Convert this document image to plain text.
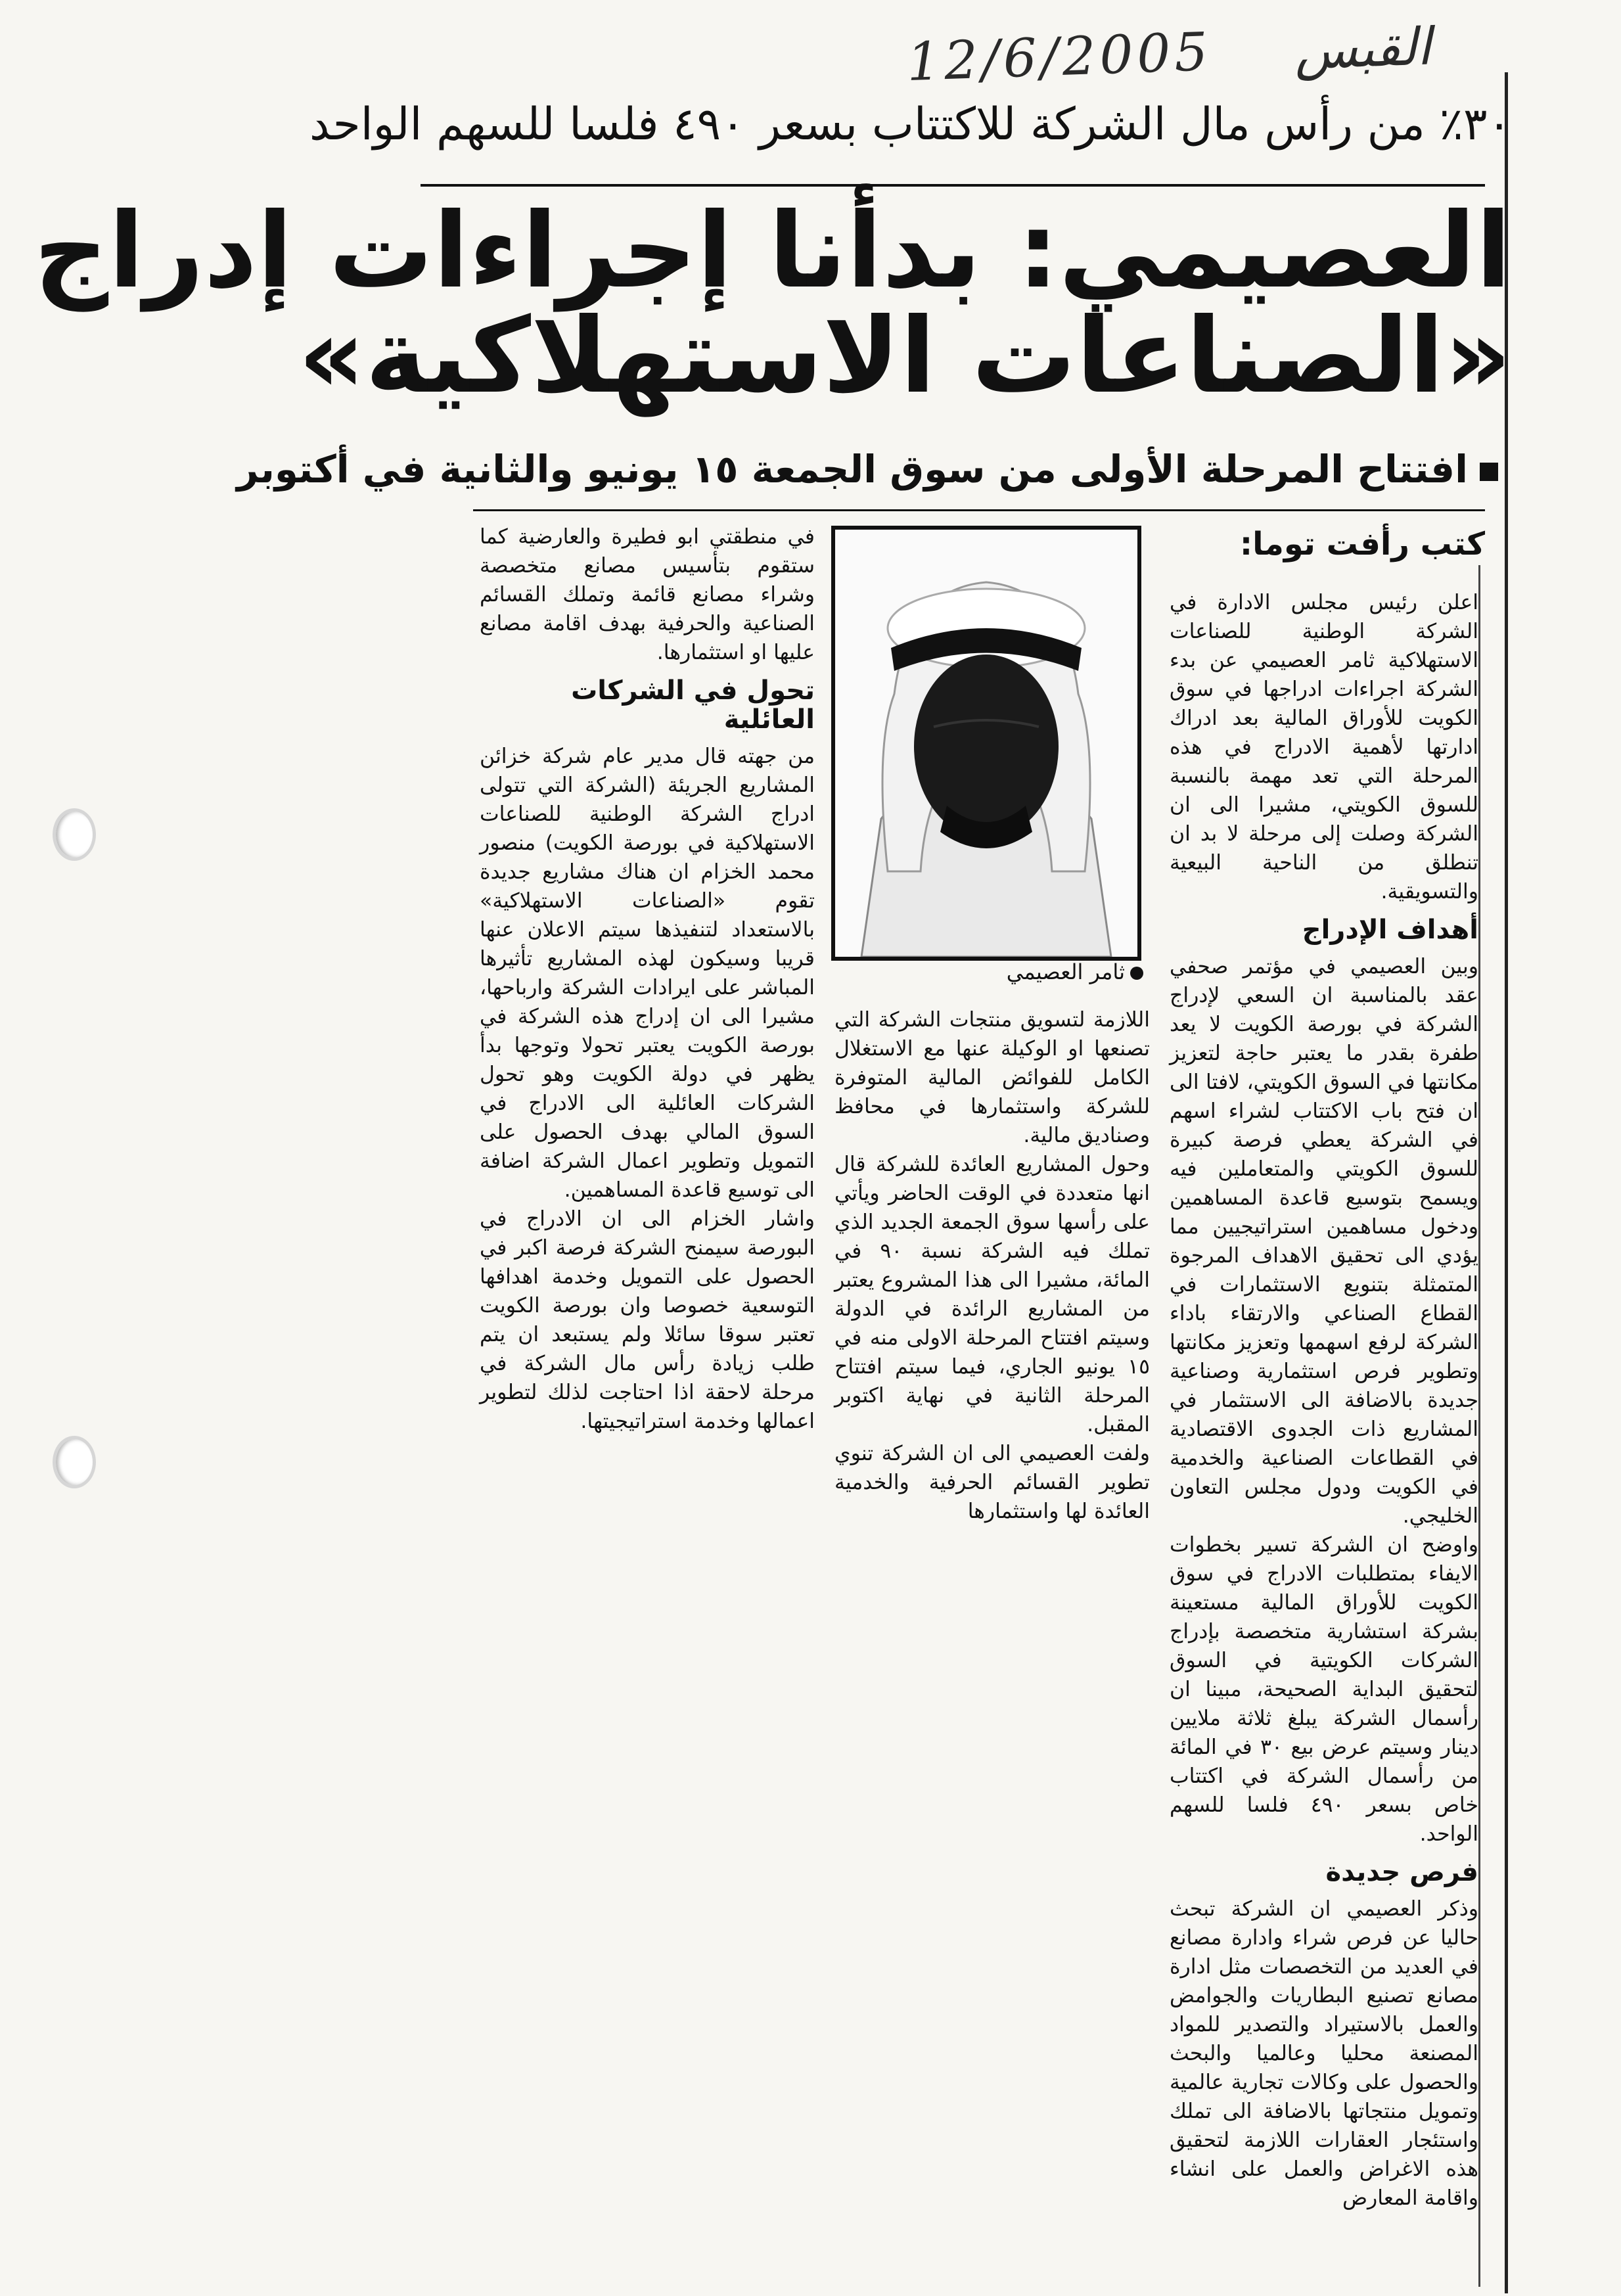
12/6/2005 القبس
٣٠٪ من رأس مال الشركة للاكتتاب بسعر ٤٩٠ فلسا للسهم الواحد
العصيمي: بدأنا إجراءات إدراج
«الصناعات الاستهلاكية»
افتتاح المرحلة الأولى من سوق الجمعة ١٥ يونيو والثانية في أكتوبر
كتب رأفت توما:
ثامر العصيمي

اعلن رئيس مجلس الادارة في الشركة الوطنية للصناعات الاستهلاكية ثامر العصيمي عن بدء الشركة اجراءات ادراجها في سوق الكويت للأوراق المالية بعد ادراك ادارتها لأهمية الادراج في هذه المرحلة التي تعد مهمة بالنسبة للسوق الكويتي، مشيرا الى ان الشركة وصلت إلى مرحلة لا بد ان تنطلق من الناحية البيعية والتسويقية.

أهداف الإدراج

وبين العصيمي في مؤتمر صحفي عقد بالمناسبة ان السعي لإدراج الشركة في بورصة الكويت لا يعد طفرة بقدر ما يعتبر حاجة لتعزيز مكانتها في السوق الكويتي، لافتا الى ان فتح باب الاكتتاب لشراء اسهم في الشركة يعطي فرصة كبيرة للسوق الكويتي والمتعاملين فيه ويسمح بتوسيع قاعدة المساهمين ودخول مساهمين استراتيجيين مما يؤدي الى تحقيق الاهداف المرجوة المتمثلة بتنويع الاستثمارات في القطاع الصناعي والارتقاء باداء الشركة لرفع اسهمها وتعزيز مكانتها وتطوير فرص استثمارية وصناعية جديدة بالاضافة الى الاستثمار في المشاريع ذات الجدوى الاقتصادية في القطاعات الصناعية والخدمية في الكويت ودول مجلس التعاون الخليجي.

واوضح ان الشركة تسير بخطوات الايفاء بمتطلبات الادراج في سوق الكويت للأوراق المالية مستعينة بشركة استشارية متخصصة بإدراج الشركات الكويتية في السوق لتحقيق البداية الصحيحة، مبينا ان رأسمال الشركة يبلغ ثلاثة ملايين دينار وسيتم عرض بيع ٣٠ في المائة من رأسمال الشركة في اكتتاب خاص بسعر ٤٩٠ فلسا للسهم الواحد.

فرص جديدة

وذكر العصيمي ان الشركة تبحث حاليا عن فرص شراء وادارة مصانع في العديد من التخصصات مثل ادارة مصانع تصنيع البطاريات والجوامض والعمل بالاستيراد والتصدير للمواد المصنعة محليا وعالميا والبحث والحصول على وكالات تجارية عالمية وتمويل منتجاتها بالاضافة الى تملك واستئجار العقارات اللازمة لتحقيق هذه الاغراض والعمل على انشاء واقامة المعارض

اللازمة لتسويق منتجات الشركة التي تصنعها او الوكيلة عنها مع الاستغلال الكامل للفوائض المالية المتوفرة للشركة واستثمارها في محافظ وصناديق مالية.

وحول المشاريع العائدة للشركة قال انها متعددة في الوقت الحاضر ويأتي على رأسها سوق الجمعة الجديد الذي تملك فيه الشركة نسبة ٩٠ في المائة، مشيرا الى هذا المشروع يعتبر من المشاريع الرائدة في الدولة وسيتم افتتاح المرحلة الاولى منه في ١٥ يونيو الجاري، فيما سيتم افتتاح المرحلة الثانية في نهاية اكتوبر المقبل.

ولفت العصيمي الى ان الشركة تنوي تطوير القسائم الحرفية والخدمية العائدة لها واستثمارها

في منطقتي ابو فطيرة والعارضية كما ستقوم بتأسيس مصانع متخصصة وشراء مصانع قائمة وتملك القسائم الصناعية والحرفية بهدف اقامة مصانع عليها او استثمارها.

تحول في الشركات العائلية

من جهته قال مدير عام شركة خزائن المشاريع الجريئة (الشركة التي تتولى ادراج الشركة الوطنية للصناعات الاستهلاكية في بورصة الكويت) منصور محمد الخزام ان هناك مشاريع جديدة تقوم «الصناعات الاستهلاكية» بالاستعداد لتنفيذها سيتم الاعلان عنها قريبا وسيكون لهذه المشاريع تأثيرها المباشر على ايرادات الشركة وارباحها، مشيرا الى ان إدراج هذه الشركة في بورصة الكويت يعتبر تحولا وتوجها بدأ يظهر في دولة الكويت وهو تحول الشركات العائلية الى الادراج في السوق المالي بهدف الحصول على التمويل وتطوير اعمال الشركة اضافة الى توسيع قاعدة المساهمين.

واشار الخزام الى ان الادراج في البورصة سيمنح الشركة فرصة اكبر في الحصول على التمويل وخدمة اهدافها التوسعية خصوصا وان بورصة الكويت تعتبر سوقا سائلا ولم يستبعد ان يتم طلب زيادة رأس مال الشركة في مرحلة لاحقة اذا احتاجت لذلك لتطوير اعمالها وخدمة استراتيجيتها.
